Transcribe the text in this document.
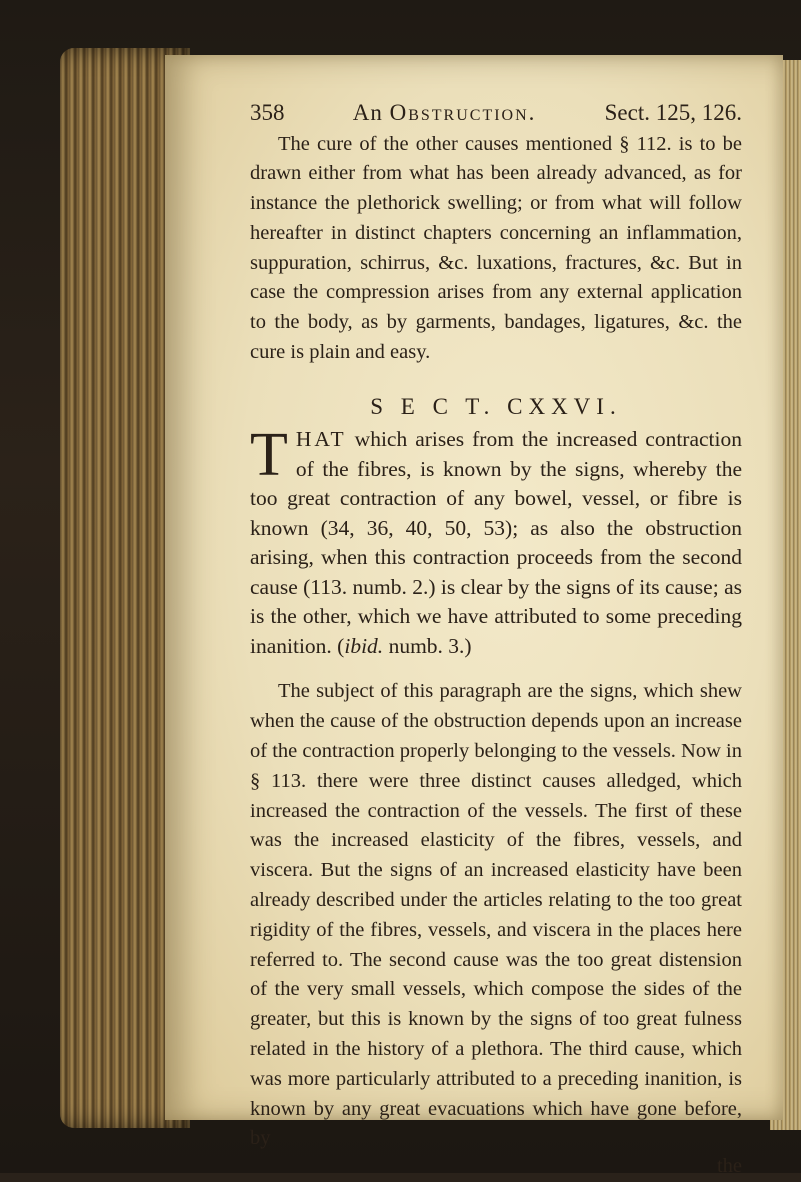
358	An Obstruction.	Sect. 125, 126.

The cure of the other causes mentioned § 112. is to be drawn either from what has been already advanced, as for instance the plethorick swelling; or from what will follow hereafter in distinct chapters concerning an inflammation, suppuration, schirrus, &c. luxations, fractures, &c. But in case the compression arises from any external application to the body, as by garments, bandages, ligatures, &c. the cure is plain and easy.

S E C T. CXXVI.

THAT which arises from the increased contraction of the fibres, is known by the signs, whereby the too great contraction of any bowel, vessel, or fibre is known (34, 36, 40, 50, 53); as also the obstruction arising, when this contraction proceeds from the second cause (113. numb. 2.) is clear by the signs of its cause; as is the other, which we have attributed to some preceding inanition. (ibid. numb. 3.)

The subject of this paragraph are the signs, which shew when the cause of the obstruction depends upon an increase of the contraction properly belonging to the vessels. Now in § 113. there were three distinct causes alledged, which increased the contraction of the vessels. The first of these was the increased elasticity of the fibres, vessels, and viscera. But the signs of an increased elasticity have been already described under the articles relating to the too great rigidity of the fibres, vessels, and viscera in the places here referred to. The second cause was the too great distension of the very small vessels, which compose the sides of the greater, but this is known by the signs of too great fulness related in the history of a plethora. The third cause, which was more particularly attributed to a preceding inanition, is known by any great evacuations which have gone before, by

the
